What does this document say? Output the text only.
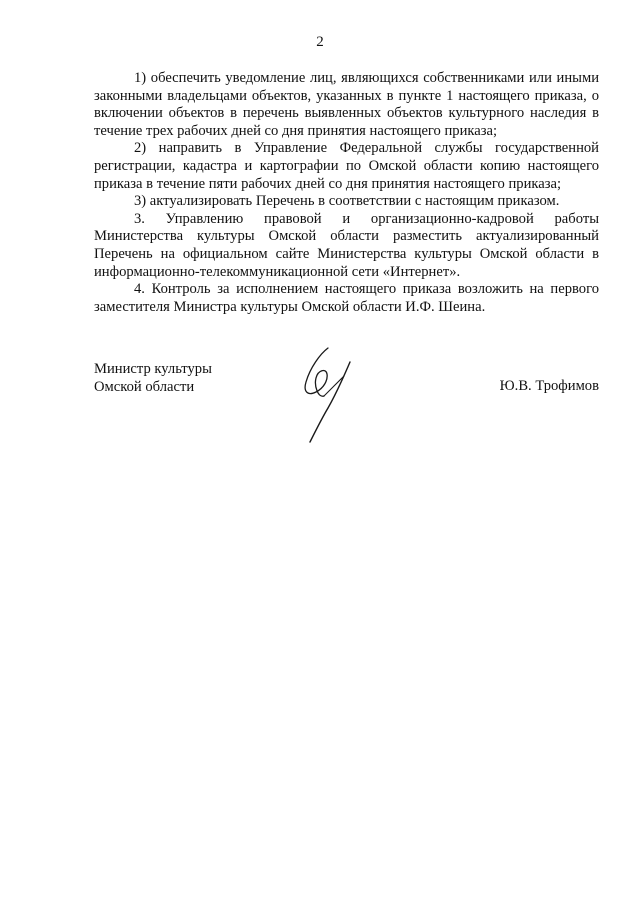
2

1) обеспечить уведомление лиц, являющихся собственниками или иными законными владельцами объектов, указанных в пункте 1 настоящего приказа, о включении объектов в перечень выявленных объектов культурного наследия в течение трех рабочих дней со дня принятия настоящего приказа;

2) направить в Управление Федеральной службы государственной регистрации, кадастра и картографии по Омской области копию настоящего приказа в течение пяти рабочих дней со дня принятия настоящего приказа;

3) актуализировать Перечень в соответствии с настоящим приказом.

3. Управлению правовой и организационно-кадровой работы Министерства культуры Омской области разместить актуализированный Перечень на официальном сайте Министерства культуры Омской области в информационно-телекоммуникационной сети «Интернет».

4. Контроль за исполнением настоящего приказа возложить на первого заместителя Министра культуры Омской области И.Ф. Шеина.

Министр культуры
Омской области	Ю.В. Трофимов
